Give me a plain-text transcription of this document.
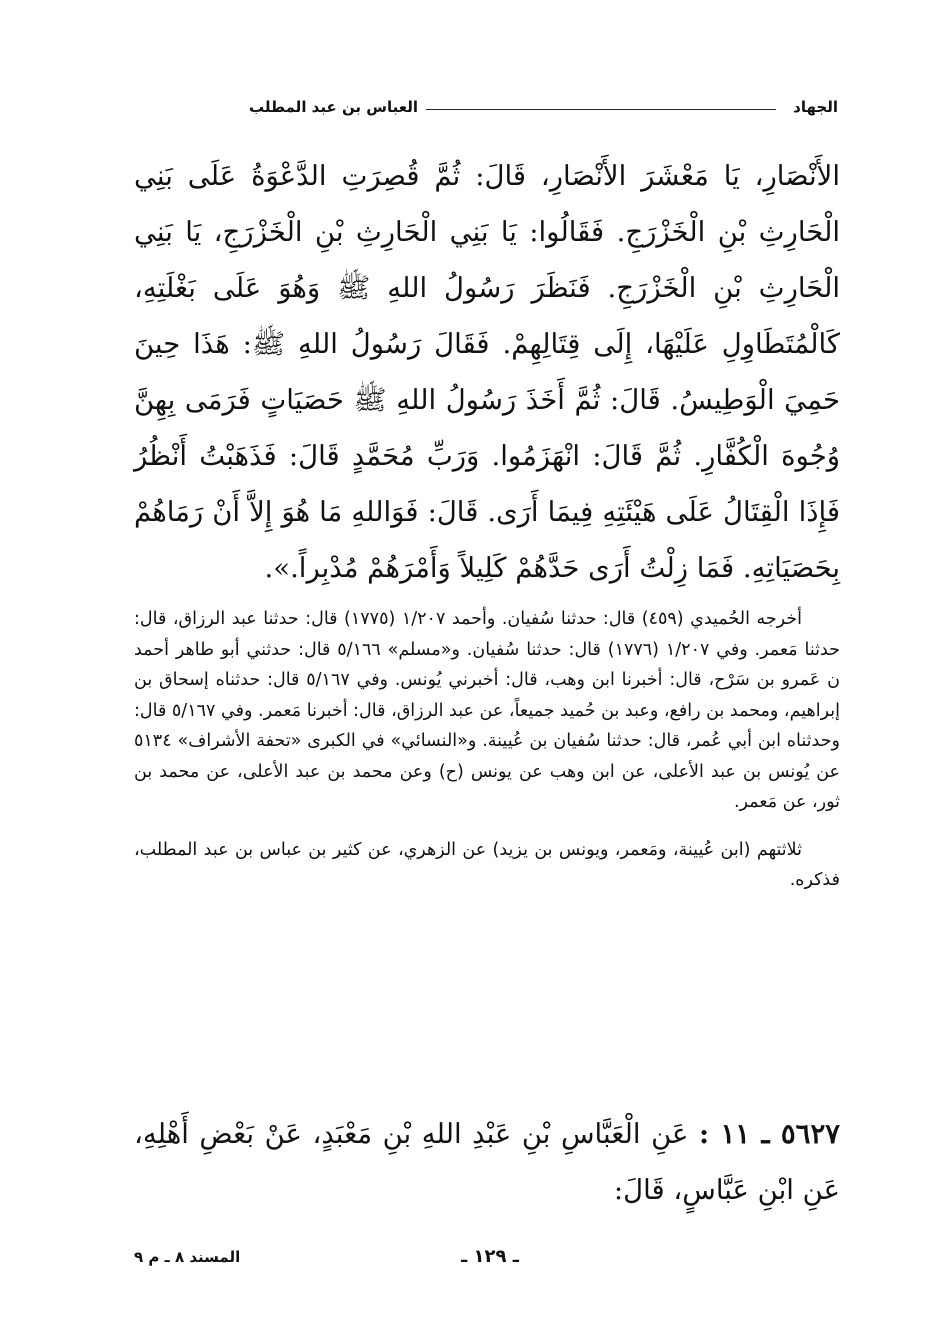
الجهاد
العباس بن عبد المطلب
الأَنْصَارِ، يَا مَعْشَرَ الأَنْصَارِ، قَالَ: ثُمَّ قُصِرَتِ الدَّعْوَةُ عَلَى بَنِي الْحَارِثِ بْنِ الْخَزْرَجِ. فَقَالُوا: يَا بَنِي الْحَارِثِ بْنِ الْخَزْرَجِ، يَا بَنِي الْحَارِثِ بْنِ الْخَزْرَجِ. فَنَظَرَ رَسُولُ اللهِ ﷺ وَهُوَ عَلَى بَغْلَتِهِ، كَالْمُتَطَاوِلِ عَلَيْهَا، إِلَى قِتَالِهِمْ. فَقَالَ رَسُولُ اللهِ ﷺ: هَذَا حِينَ حَمِيَ الْوَطِيسُ. قَالَ: ثُمَّ أَخَذَ رَسُولُ اللهِ ﷺ حَصَيَاتٍ فَرَمَى بِهِنَّ وُجُوهَ الْكُفَّارِ. ثُمَّ قَالَ: انْهَزَمُوا. وَرَبِّ مُحَمَّدٍ قَالَ: فَذَهَبْتُ أَنْظُرُ فَإِذَا الْقِتَالُ عَلَى هَيْئَتِهِ فِيمَا أَرَى. قَالَ: فَوَاللهِ مَا هُوَ إِلاَّ أَنْ رَمَاهُمْ بِحَصَيَاتِهِ. فَمَا زِلْتُ أَرَى حَدَّهُمْ كَلِيلاً وَأَمْرَهُمْ مُدْبِراً.».

أخرجه الحُميدي (٤٥٩) قال: حدثنا سُفيان. وأحمد ١/٢٠٧ (١٧٧٥) قال: حدثنا عبد الرزاق، قال: حدثنا مَعمر. وفي ١/٢٠٧ (١٧٧٦) قال: حدثنا سُفيان. و«مسلم» ٥/١٦٦ قال: حدثني أبو طاهر أحمد ن عَمرو بن سَرْح، قال: أخبرنا ابن وهب، قال: أخبرني يُونس. وفي ٥/١٦٧ قال: حدثناه إسحاق بن إبراهيم، ومحمد بن رافع، وعبد بن حُميد جميعاً، عن عبد الرزاق، قال: أخبرنا مَعمر. وفي ٥/١٦٧ قال: وحدثناه ابن أبي عُمر، قال: حدثنا سُفيان بن عُيينة. و«النسائي» في الكبرى «تحفة الأشراف» ٥١٣٤ عن يُونس بن عبد الأعلى، عن ابن وهب عن يونس (ح) وعن محمد بن عبد الأعلى، عن محمد بن ثور، عن مَعمر.

ثلاثتهم (ابن عُيينة، ومَعمر، ويونس بن يزيد) عن الزهري، عن كثير بن عباس بن عبد المطلب، فذكره.

٥٦٢٧ ـ ١١ : عَنِ الْعَبَّاسِ بْنِ عَبْدِ اللهِ بْنِ مَعْبَدٍ، عَنْ بَعْضِ أَهْلِهِ، عَنِ ابْنِ عَبَّاسٍ، قَالَ:
ـ ١٢٩ ـ
المسند ٨ ـ م ٩
